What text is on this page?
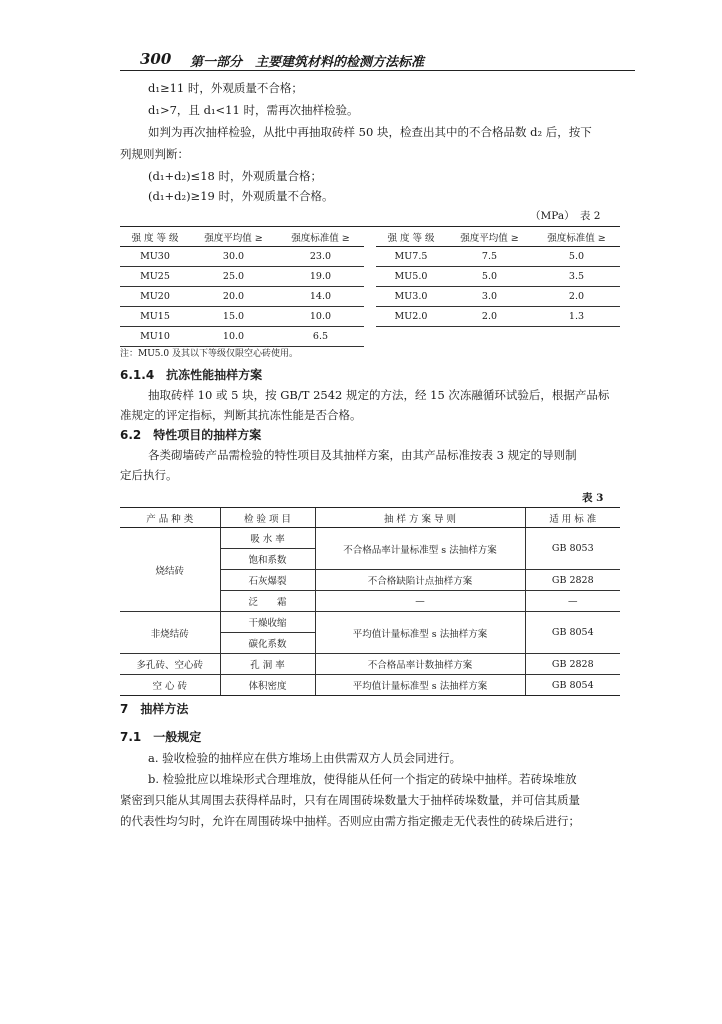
300 第一部分　主要建筑材料的检测方法标准
d₁≥11 时，外观质量不合格；
d₁>7，且 d₁<11 时，需再次抽样检验。
如判为再次抽样检验，从批中再抽取砖样 50 块，检查出其中的不合格品数 d₂ 后，按下
列规则判断：
(d₁+d₂)≤18 时，外观质量合格；
(d₁+d₂)≥19 时，外观质量不合格。
（MPa）　表 2
强 度 等 级	强度平均值 ≥	强度标准值 ≥		强 度 等 级	强度平均值 ≥	强度标准值 ≥
MU30	30.0	23.0		MU7.5	7.5	5.0
MU25	25.0	19.0		MU5.0	5.0	3.5
MU20	20.0	14.0		MU3.0	3.0	2.0
MU15	15.0	10.0		MU2.0	2.0	1.3
MU10	10.0	6.5				
注：MU5.0 及其以下等级仅限空心砖使用。
6.1.4　抗冻性能抽样方案
抽取砖样 10 或 5 块，按 GB/T 2542 规定的方法，经 15 次冻融循环试验后，根据产品标
准规定的评定指标，判断其抗冻性能是否合格。
6.2　特性项目的抽样方案
各类砌墙砖产品需检验的特性项目及其抽样方案，由其产品标准按表 3 规定的导则制
定后执行。
表 3
产 品 种 类	检 验 项 目	抽 样 方 案 导 则	适 用 标 准
烧结砖	吸 水 率	不合格品率计量标准型 s 法抽样方案	GB 8053
	饱和系数		
	石灰爆裂	不合格缺陷计点抽样方案	GB 2828
	泛　　霜	—	—
非烧结砖	干燥收缩	平均值计量标准型 s 法抽样方案	GB 8054
	碳化系数		
多孔砖、空心砖	孔 洞 率	不合格品率计数抽样方案	GB 2828
空 心 砖	体积密度	平均值计量标准型 s 法抽样方案	GB 8054
7　抽样方法
7.1　一般规定
a. 验收检验的抽样应在供方堆场上由供需双方人员会同进行。
b. 检验批应以堆垛形式合理堆放，使得能从任何一个指定的砖垛中抽样。若砖垛堆放
紧密到只能从其周围去获得样品时，只有在周围砖垛数量大于抽样砖垛数量，并可信其质量
的代表性均匀时，允许在周围砖垛中抽样。否则应由需方指定搬走无代表性的砖垛后进行；
